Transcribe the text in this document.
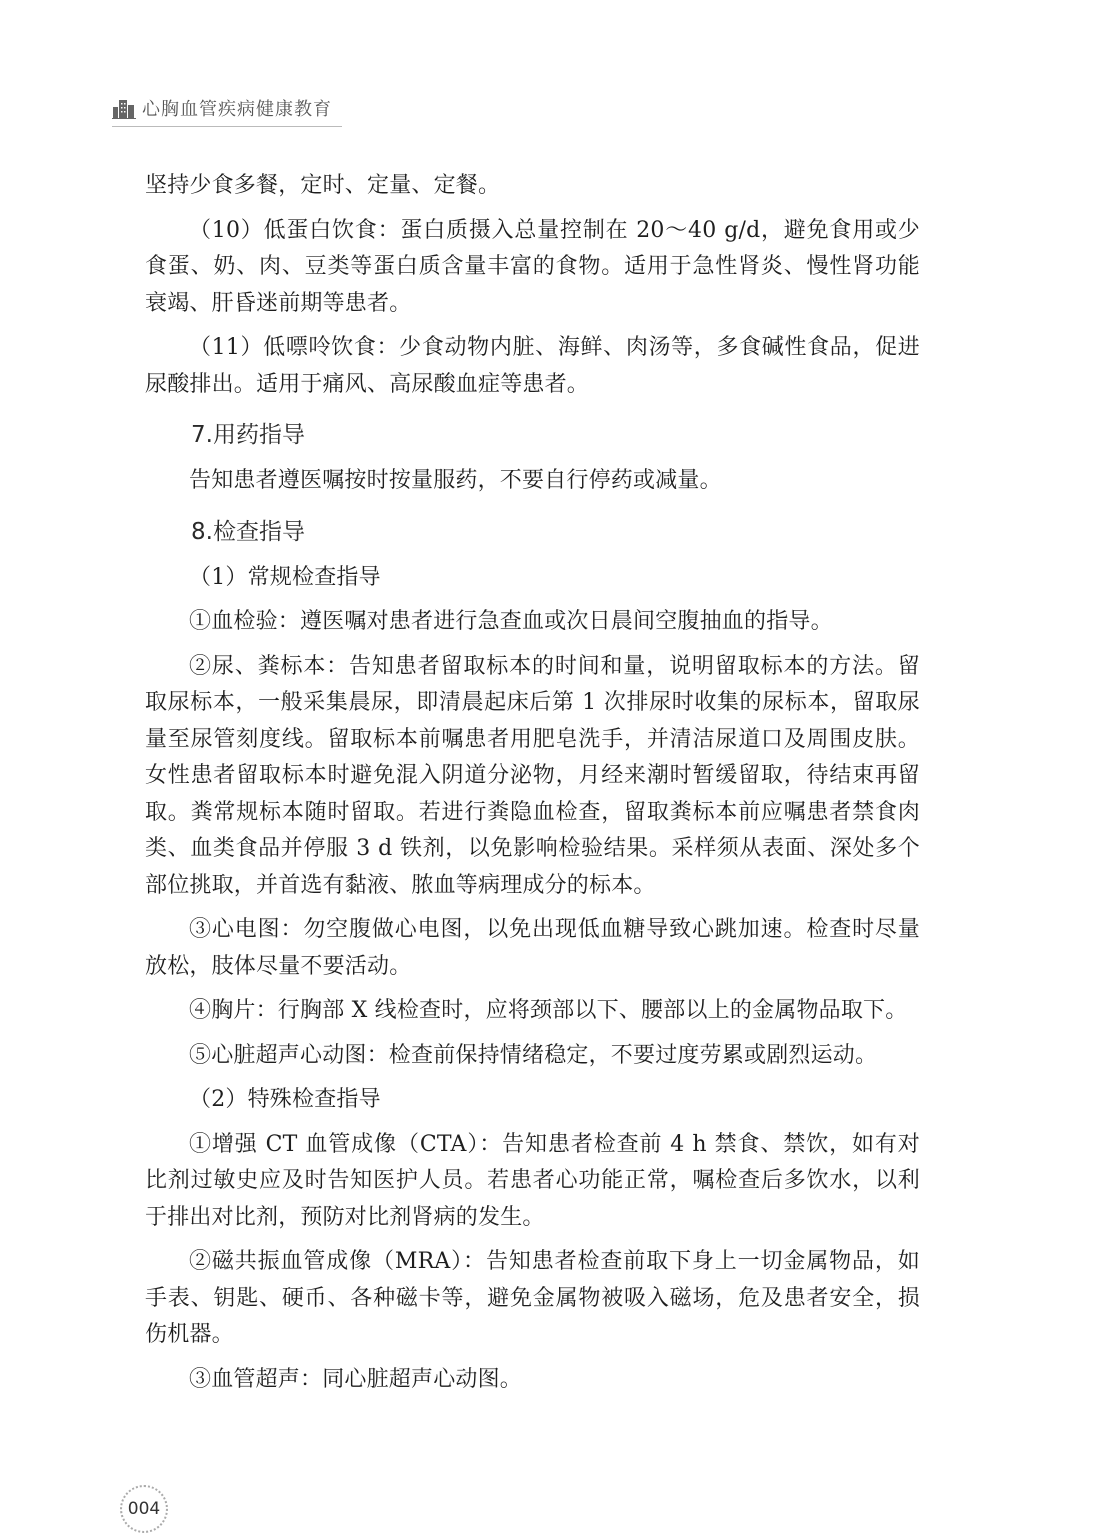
心胸血管疾病健康教育

坚持少食多餐，定时、定量、定餐。

（10）低蛋白饮食：蛋白质摄入总量控制在 20～40 g/d，避免食用或少食蛋、奶、肉、豆类等蛋白质含量丰富的食物。适用于急性肾炎、慢性肾功能衰竭、肝昏迷前期等患者。

（11）低嘌呤饮食：少食动物内脏、海鲜、肉汤等，多食碱性食品，促进尿酸排出。适用于痛风、高尿酸血症等患者。

7.用药指导

告知患者遵医嘱按时按量服药，不要自行停药或减量。

8.检查指导

（1）常规检查指导

①血检验：遵医嘱对患者进行急查血或次日晨间空腹抽血的指导。

②尿、粪标本：告知患者留取标本的时间和量，说明留取标本的方法。留取尿标本，一般采集晨尿，即清晨起床后第 1 次排尿时收集的尿标本，留取尿量至尿管刻度线。留取标本前嘱患者用肥皂洗手，并清洁尿道口及周围皮肤。女性患者留取标本时避免混入阴道分泌物，月经来潮时暂缓留取，待结束再留取。粪常规标本随时留取。若进行粪隐血检查，留取粪标本前应嘱患者禁食肉类、血类食品并停服 3 d 铁剂，以免影响检验结果。采样须从表面、深处多个部位挑取，并首选有黏液、脓血等病理成分的标本。

③心电图：勿空腹做心电图，以免出现低血糖导致心跳加速。检查时尽量放松，肢体尽量不要活动。

④胸片：行胸部 X 线检查时，应将颈部以下、腰部以上的金属物品取下。

⑤心脏超声心动图：检查前保持情绪稳定，不要过度劳累或剧烈运动。

（2）特殊检查指导

①增强 CT 血管成像（CTA）：告知患者检查前 4 h 禁食、禁饮，如有对比剂过敏史应及时告知医护人员。若患者心功能正常，嘱检查后多饮水，以利于排出对比剂，预防对比剂肾病的发生。

②磁共振血管成像（MRA）：告知患者检查前取下身上一切金属物品，如手表、钥匙、硬币、各种磁卡等，避免金属物被吸入磁场，危及患者安全，损伤机器。

③血管超声：同心脏超声心动图。

004
